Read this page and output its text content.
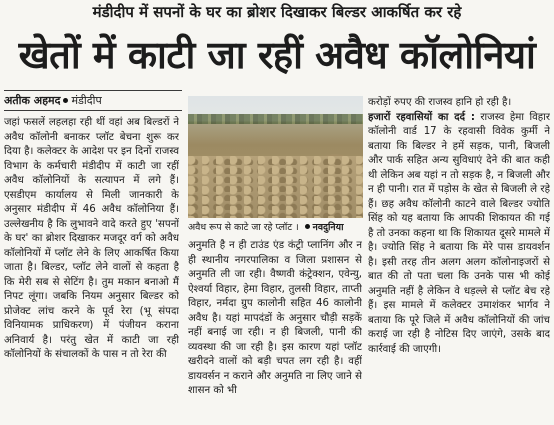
मंडीदीप में सपनों के घर का ब्रोशर दिखाकर बिल्डर आकर्षित कर रहे
खेतों में काटी जा रहीं अवैध कॉलोनियां
अतीक अहमद मंडीदीप
जहां फसलें लहलहा रही थीं वहां अब बिल्डरों ने अवैध कॉलोनी बनाकर प्लॉट बेचना शुरू कर दिया है। कलेक्टर के आदेश पर इन दिनों राजस्व विभाग के कर्मचारी मंडीदीप में काटी जा रहीं अवैध कॉलोनियों के सत्यापन में लगे हैं। एसडीएम कार्यालय से मिली जानकारी के अनुसार मंडीदीप में 46 अवैध कॉलोनिया हैं। उल्लेखनीय है कि लुभावने वादे करते हुए 'सपनों के घर' का ब्रोशर दिखाकर मजदूर वर्ग को अवैध कॉलोनियों में प्लॉट लेने के लिए आकर्षित किया जाता है। बिल्डर, प्लॉट लेने वालों से कहता है कि मेरी सब से सेटिंग है। तुम मकान बनाओ मैं निपट लूंगा। जबकि नियम अनुसार बिल्डर को प्रोजेक्ट लांच करने के पूर्व रेरा (भू संपदा विनियामक प्राधिकरण) में पंजीयन कराना अनिवार्य है। परंतु खेत में काटी जा रही कॉलोनियों के संचालकों के पास न तो रेरा की
अवैध रूप से काटे जा रहे प्लॉट । नवदुनिया
अनुमति है न ही टाउंड एंड कंट्री प्लानिंग और न ही स्थानीय नगरपालिका व जिला प्रशासन से अनुमति ली जा रही। वैष्णवी कंट्रेक्शन, एवेन्यु, ऐश्वर्या विहार, हेमा विहार, तुलसी विहार, ताप्ती विहार, नर्मदा ग्रुप कालोनी सहित 46 कालोनी अवैध है। यहां मापदंडों के अनुसार चौड़ी सड़कें नहीं बनाई जा रही। न ही बिजली, पानी की व्यवस्था की जा रही है। इस कारण यहां प्लॉट खरीदने वालों को बड़ी चपत लग रही है। वहीं डायवर्सन न कराने और अनुमति ना लिए जाने से शासन को भी
करोड़ों रुपए की राजस्व हानि हो रही है।
हजारों रहवासियों का दर्द : राजस्व हेमा विहार कॉलोनी वार्ड 17 के रहवासी विवेक कुर्मी ने बताया कि बिल्डर ने हमें सड़क, पानी, बिजली और पार्क सहित अन्य सुविधाएं देने की बात कही थी लेकिन अब यहां न तो सड़क है, न बिजली और न ही पानी। रात में पड़ोस के खेत से बिजली ले रहे हैं। छह अवैध कॉलोनी काटने वाले बिल्डर ज्योति सिंह को यह बताया कि आपकी शिकायत की गई है तो उनका कहना था कि शिकायत दूसरे मामले में है। ज्योति सिंह ने बताया कि मेरे पास डायवर्शन है। इसी तरह तीन अलग अलग कॉलोनाइजरों से बात की तो पता चला कि उनके पास भी कोई अनुमति नहीं है लेकिन वे धड़ल्ले से प्लॉट बेच रहे हैं। इस मामले में कलेक्टर उमाशंकर भार्गव ने बताया कि पूरे जिले में अवैध कॉलोनियों की जांच कराई जा रही है नोटिस दिए जाएंगे, उसके बाद कार्रवाई की जाएगी।
